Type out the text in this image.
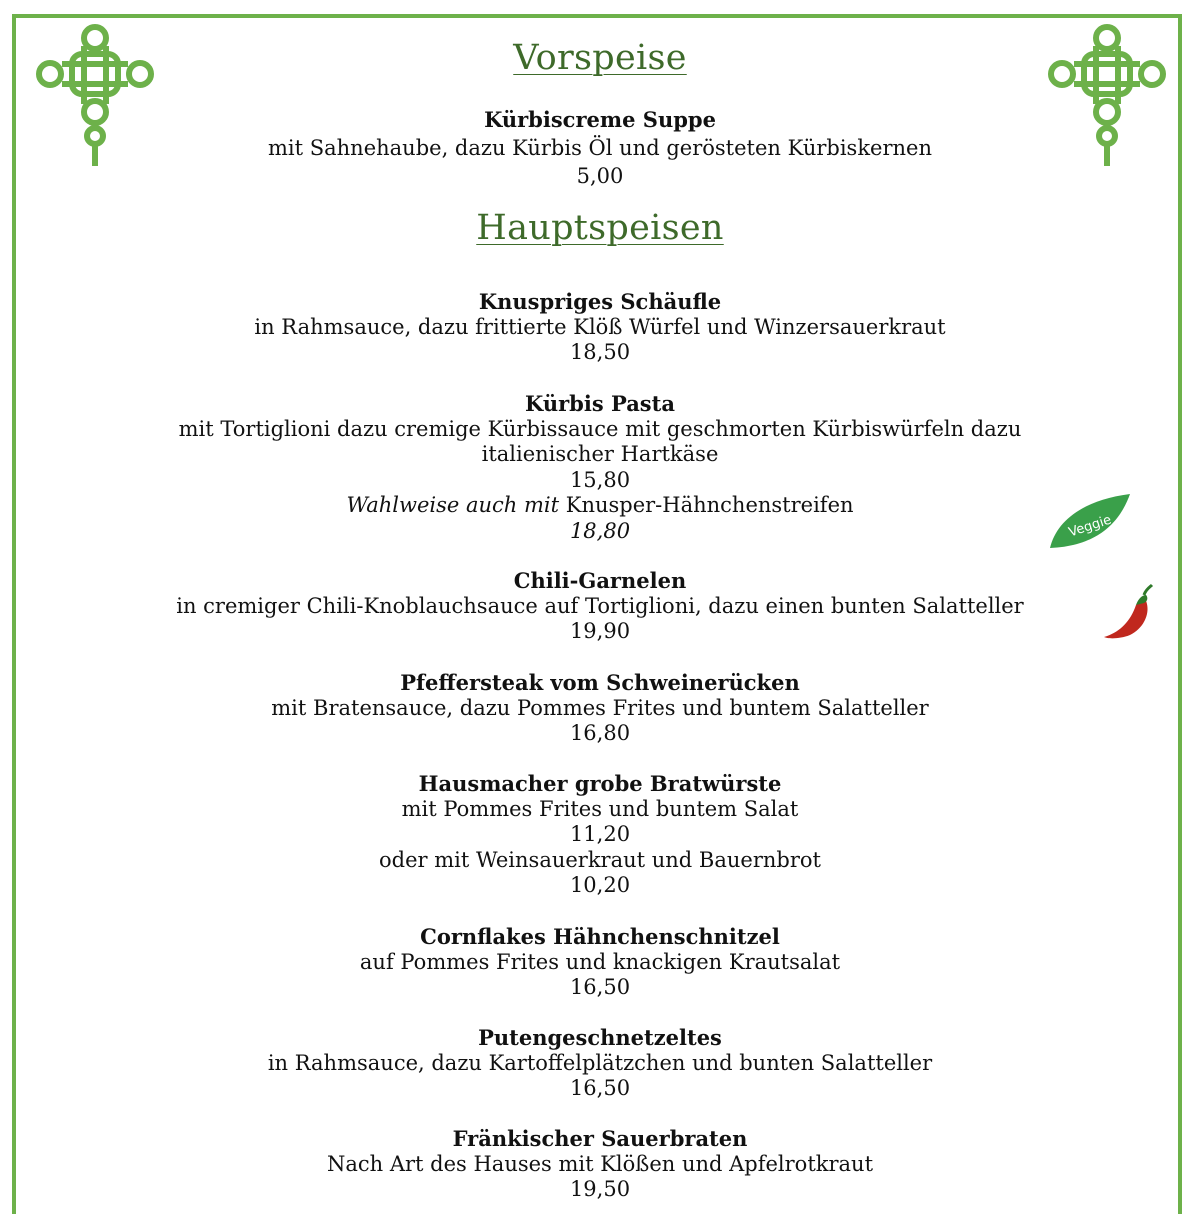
Vorspeise
Hauptspeisen
Kürbiscreme Suppe
mit Sahnehaube, dazu Kürbis Öl und gerösteten Kürbiskernen
5,00
Knuspriges Schäufle
in Rahmsauce, dazu frittierte Klöß Würfel und Winzersauerkraut
18,50
Kürbis Pasta
mit Tortiglioni dazu cremige Kürbissauce mit geschmorten Kürbiswürfeln dazu italienischer Hartkäse
15,80
Wahlweise auch mit Knusper-Hähnchenstreifen
18,80	Veggie
Chili-Garnelen
in cremiger Chili-Knoblauchsauce auf Tortiglioni, dazu einen bunten Salatteller
19,90
Pfeffersteak vom Schweinerücken
mit Bratensauce, dazu Pommes Frites und buntem Salatteller
16,80
Hausmacher grobe Bratwürste
mit Pommes Frites und buntem Salat
11,20
oder mit Weinsauerkraut und Bauernbrot
10,20
Cornflakes Hähnchenschnitzel
auf Pommes Frites und knackigen Krautsalat
16,50
Putengeschnetzeltes
in Rahmsauce, dazu Kartoffelplätzchen und bunten Salatteller
16,50
Fränkischer Sauerbraten
Nach Art des Hauses mit Klößen und Apfelrotkraut
19,50
